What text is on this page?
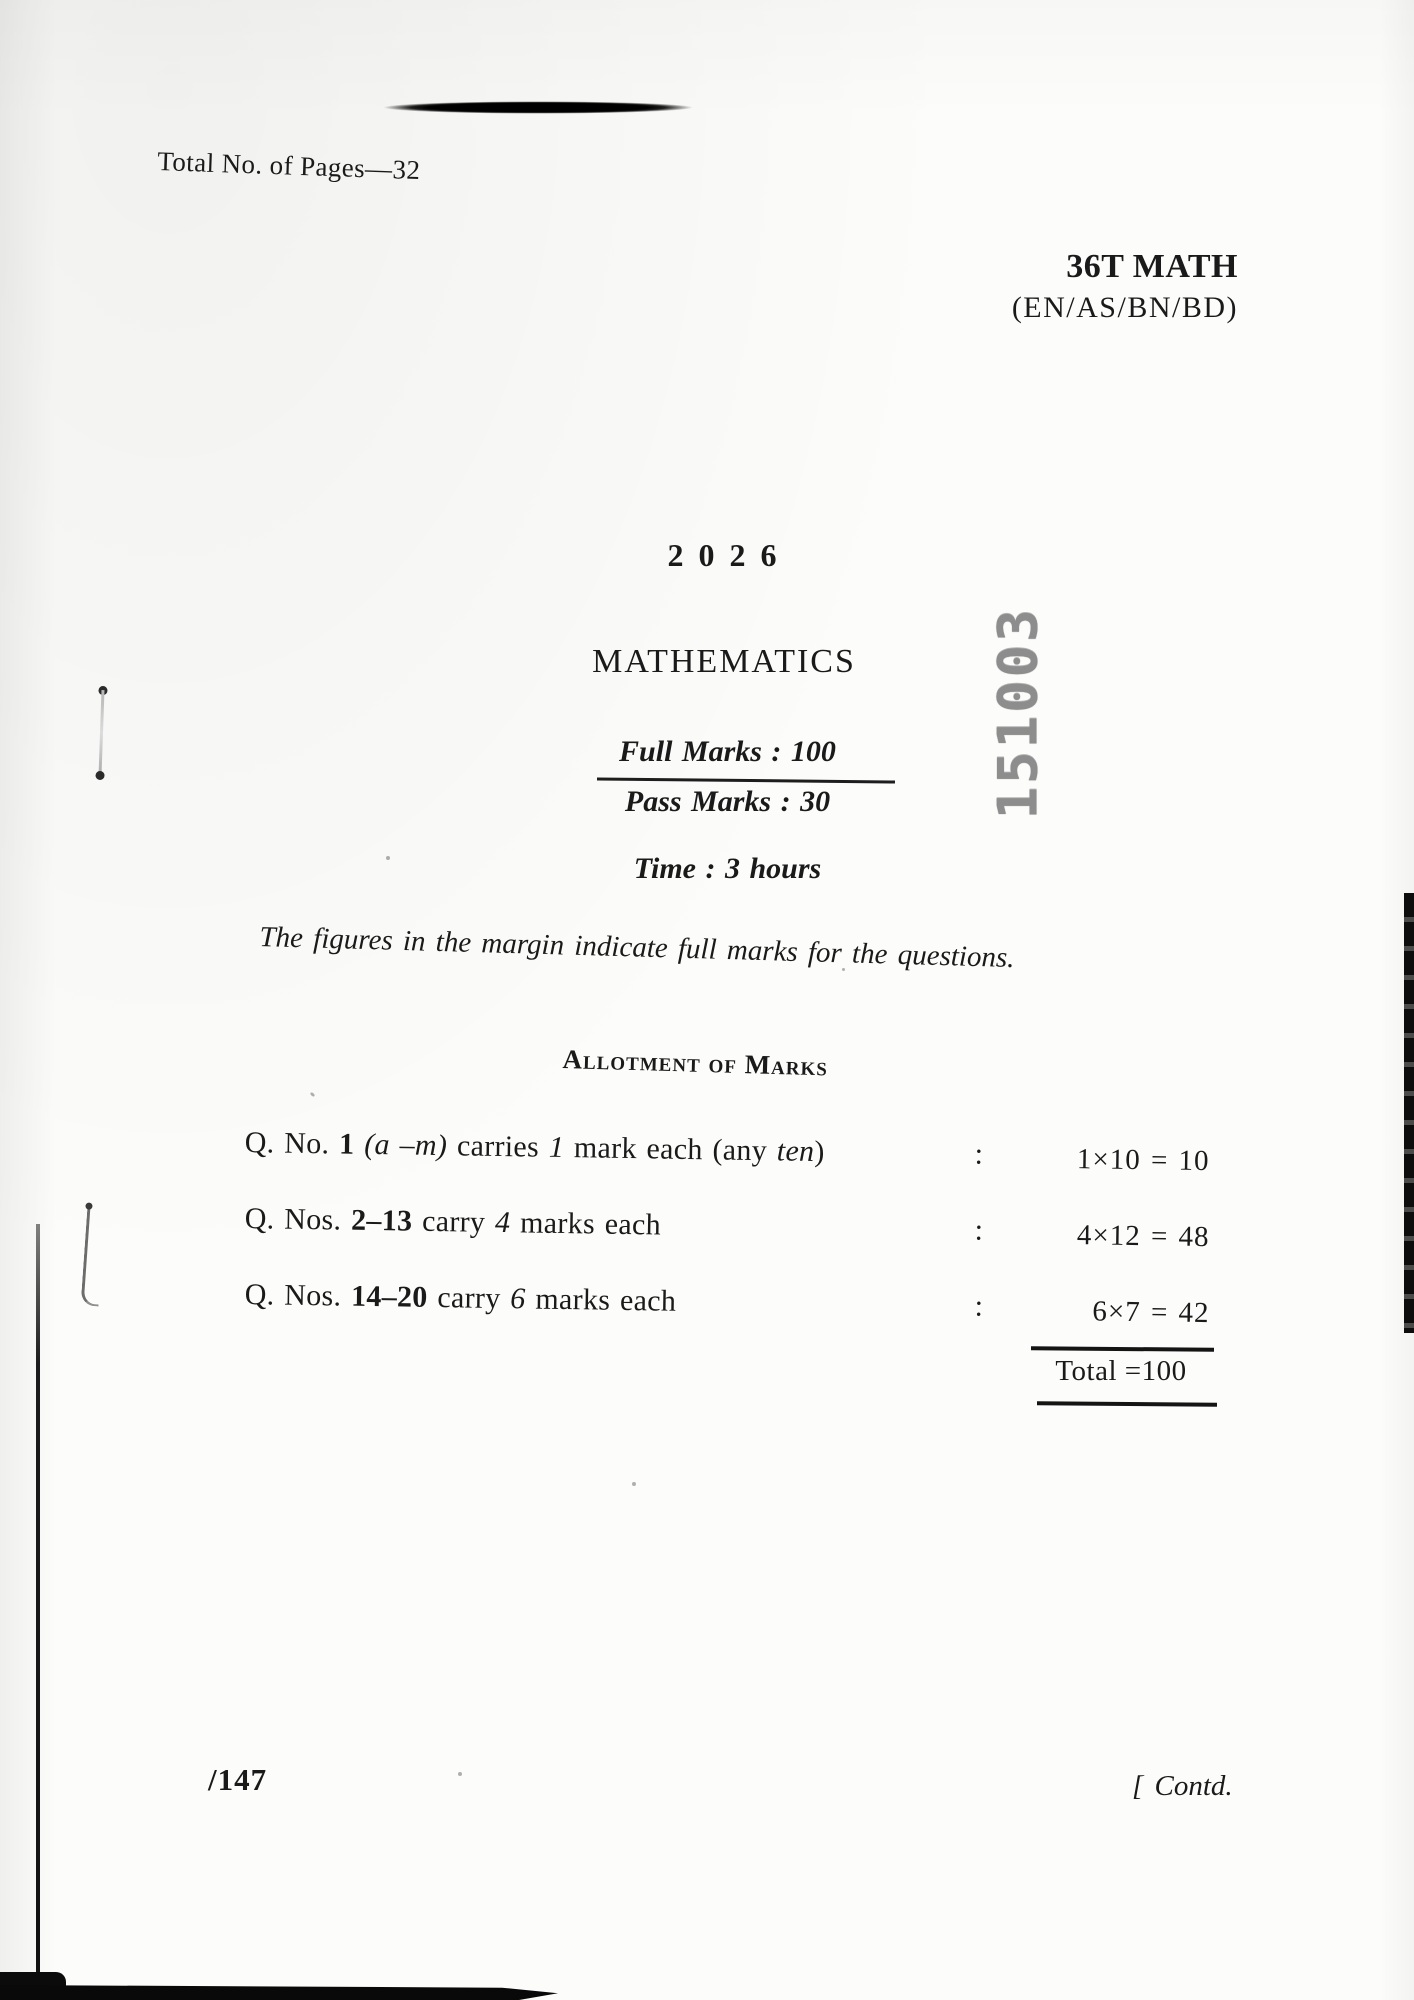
Total No. of Pages—32
36T MATH
(EN/AS/BN/BD)
2026
MATHEMATICS 151003
Full Marks : 100
Pass Marks : 30
Time : 3 hours
The figures in the margin indicate full marks for the questions.
Allotment of Marks
Q. No. 1 (a –m) carries 1 mark each (any ten)	:	1×10 = 10
Q. Nos. 2–13 carry 4 marks each	:	4×12 = 48
Q. Nos. 14–20 carry 6 marks each	:	6×7 = 42
Total =100
/147	[ Contd.
